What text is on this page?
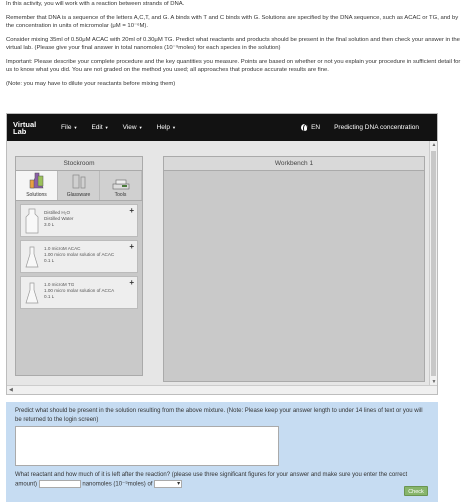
In this activity, you will work with a reaction between strands of DNA.

Remember that DNA is a sequence of the letters A,C,T, and G. A binds with T and C binds with G. Solutions are specified by the DNA sequence, such as ACAC or TG, and by the concentration in units of micromolar (μM = 10⁻⁶M).

Consider mixing 35ml of 0.50μM ACAC with 20ml of 0.30μM TG. Predict what reactants and products should be present in the final solution and then check your answer in the virtual lab. (Please give your final answer in total nanomoles (10⁻⁹moles) for each species in the solution)

Important: Please describe your complete procedure and the key quantities you measure. Points are based on whether or not you explain your procedure in sufficient detail for us to know what you did. You are not graded on the method you used; all approaches that produce accurate results are fine.

(Note: you may have to dilute your reactants before mixing them)

Virtual
Lab	File ▼ Edit ▼ View ▼ Help ▼	EN Predicting DNA concentration
Stockroom
Solutions	Glassware	Tools
+
Distilled H₂O
Distilled Water
3.0 L
+
1.0 microM ACAC
1.00 micro molar solution of ACAC
0.1 L
+
1.0 microM TG
1.00 micro molar solution of ACCA
0.1 L
Workbench 1
▲
▼
◀
Predict what should be present in the solution resulting from the above mixture. (Note: Please keep your answer length to under 14 lines of text or you will be returned to the login screen)
What reactant and how much of it is left after the reaction? (please use three significant figures for your answer and make sure you enter the correct amount)	nanomoles (10⁻⁹moles) of ▾
Check
